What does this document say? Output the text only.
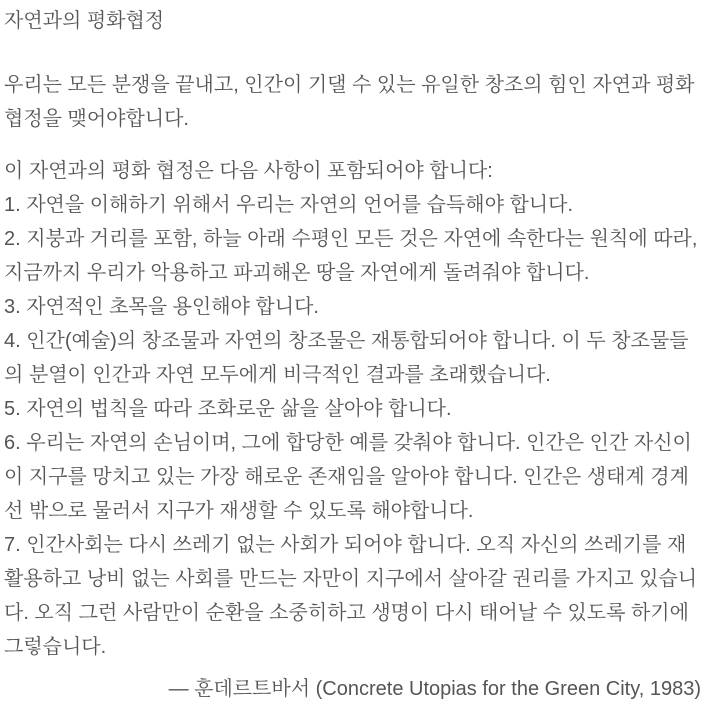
자연과의 평화협정

우리는 모든 분쟁을 끝내고, 인간이 기댈 수 있는 유일한 창조의 힘인 자연과 평화 협정을 맺어야합니다.

이 자연과의 평화 협정은 다음 사항이 포함되어야 합니다:
1. 자연을 이해하기 위해서 우리는 자연의 언어를 습득해야 합니다.
2. 지붕과 거리를 포함, 하늘 아래 수평인 모든 것은 자연에 속한다는 원칙에 따라, 지금까지 우리가 악용하고 파괴해온 땅을 자연에게 돌려줘야 합니다.
3. 자연적인 초목을 용인해야 합니다.
4. 인간(예술)의 창조물과 자연의 창조물은 재통합되어야 합니다. 이 두 창조물들의 분열이 인간과 자연 모두에게 비극적인 결과를 초래했습니다.
5. 자연의 법칙을 따라 조화로운 삶을 살아야 합니다.
6. 우리는 자연의 손님이며, 그에 합당한 예를 갖춰야 합니다. 인간은 인간 자신이 이 지구를 망치고 있는 가장 해로운 존재임을 알아야 합니다. 인간은 생태계 경계선 밖으로 물러서 지구가 재생할 수 있도록 해야합니다.
7. 인간사회는 다시 쓰레기 없는 사회가 되어야 합니다. 오직 자신의 쓰레기를 재활용하고 낭비 없는 사회를 만드는 자만이 지구에서 살아갈 권리를 가지고 있습니다. 오직 그런 사람만이 순환을 소중히하고 생명이 다시 태어날 수 있도록 하기에 그렇습니다.

— 훈데르트바서 (Concrete Utopias for the Green City, 1983)
